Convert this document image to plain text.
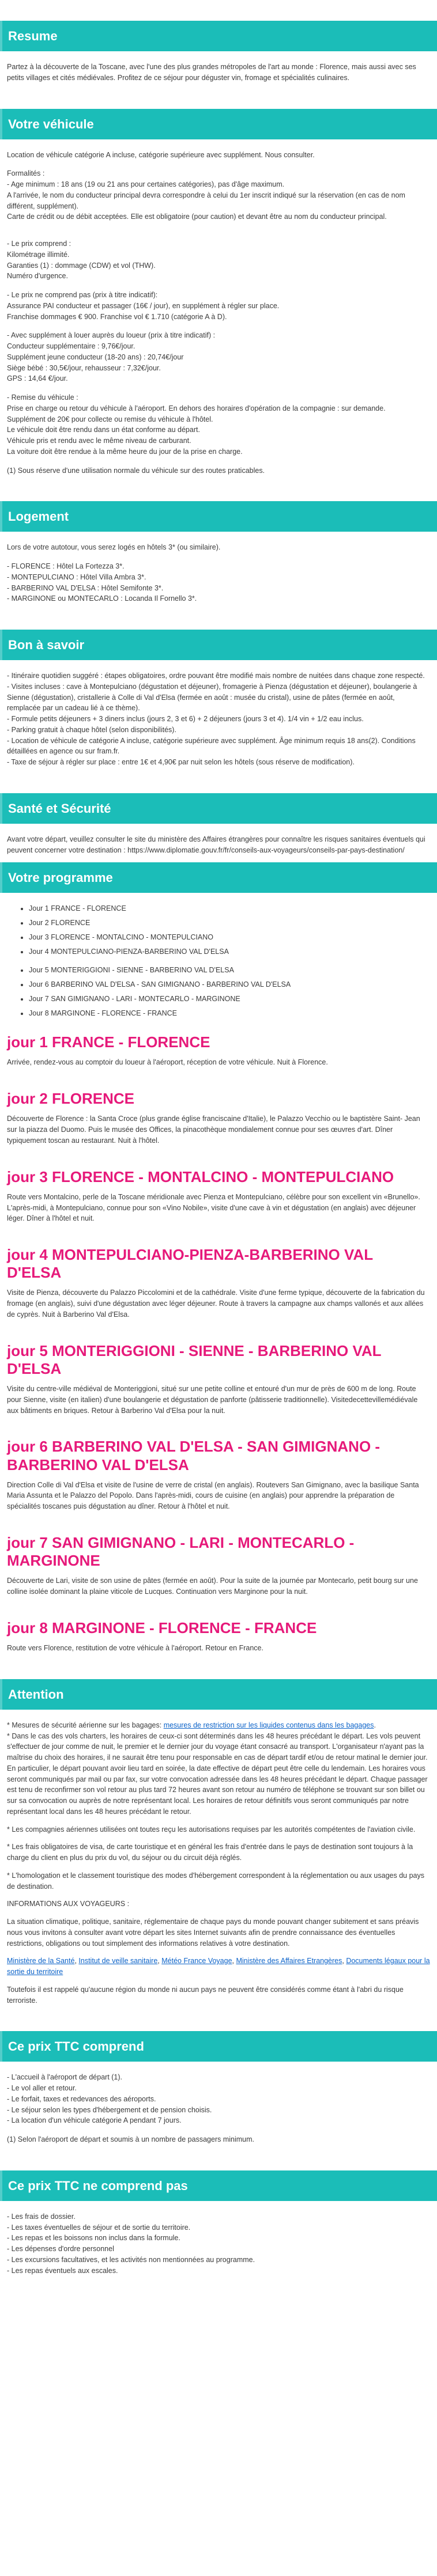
Resume

Partez à la découverte de la Toscane, avec l'une des plus grandes métropoles de l'art au monde : Florence, mais aussi avec ses petits villages et cités médiévales. Profitez de ce séjour pour déguster vin, fromage et spécialités culinaires.

Votre véhicule

Location de véhicule catégorie A incluse, catégorie supérieure avec supplément. Nous consulter.

Formalités :

- Age minimum : 18 ans (19 ou 21 ans pour certaines catégories), pas d'âge maximum.

A l'arrivée, le nom du conducteur principal devra correspondre à celui du 1er inscrit indiqué sur la réservation (en cas de nom différent, supplément).

Carte de crédit ou de débit acceptées. Elle est obligatoire (pour caution) et devant être au nom du conducteur principal.

- Le prix comprend :

Kilométrage illimité.

Garanties (1) : dommage (CDW) et vol (THW).

Numéro d'urgence.

- Le prix ne comprend pas (prix à titre indicatif):

Assurance PAI conducteur et passager (16€ / jour), en supplément à régler sur place.

Franchise dommages € 900. Franchise vol € 1.710 (catégorie A à D).

- Avec supplément à louer auprès du loueur (prix à titre indicatif) :

Conducteur supplémentaire : 9,76€/jour.

Supplément jeune conducteur (18-20 ans) : 20,74€/jour

Siège bébé : 30,5€/jour, rehausseur : 7,32€/jour.

GPS : 14,64 €/jour.

- Remise du véhicule :

Prise en charge ou retour du véhicule à l'aéroport. En dehors des horaires d'opération de la compagnie : sur demande.

Supplément de 20€ pour collecte ou remise du véhicule à l'hôtel.

Le véhicule doit être rendu dans un état conforme au départ.

Véhicule pris et rendu avec le même niveau de carburant.

La voiture doit être rendue à la même heure du jour de la prise en charge.

(1) Sous réserve d'une utilisation normale du véhicule sur des routes praticables.

Logement

Lors de votre autotour, vous serez logés en hôtels 3* (ou similaire).

- FLORENCE : Hôtel La Fortezza 3*.

- MONTEPULCIANO : Hôtel Villa Ambra 3*.

- BARBERINO VAL D'ELSA : Hôtel Semifonte 3*.

- MARGINONE ou MONTECARLO : Locanda Il Fornello 3*.

Bon à savoir

- Itinéraire quotidien suggéré : étapes obligatoires, ordre pouvant être modifié mais nombre de nuitées dans chaque zone respecté.

- Visites incluses : cave à Montepulciano (dégustation et déjeuner), fromagerie à Pienza (dégustation et déjeuner), boulangerie à Sienne (dégustation), cristallerie à Colle di Val d'Elsa (fermée en août : musée du cristal), usine de pâtes (fermée en août, remplacée par un cadeau lié à ce thème).

- Formule petits déjeuners + 3 diners inclus (jours 2, 3 et 6) + 2 déjeuners (jours 3 et 4). 1/4 vin + 1/2 eau inclus.

- Parking gratuit à chaque hôtel (selon disponibilités).

- Location de véhicule de catégorie A incluse, catégorie supérieure avec supplément. Âge minimum requis 18 ans(2). Conditions détaillées en agence ou sur fram.fr.

- Taxe de séjour à régler sur place : entre 1€ et 4,90€ par nuit selon les hôtels (sous réserve de modification).

Santé et Sécurité

Avant votre départ, veuillez consulter le site du ministère des Affaires étrangères pour connaître les risques sanitaires éventuels qui peuvent concerner votre destination : https://www.diplomatie.gouv.fr/fr/conseils-aux-voyageurs/conseils-par-pays-destination/

Votre programme
• Jour 1 FRANCE - FLORENCE
• Jour 2 FLORENCE
• Jour 3 FLORENCE - MONTALCINO - MONTEPULCIANO
• Jour 4 MONTEPULCIANO-PIENZA-BARBERINO VAL D'ELSA
• Jour 5 MONTERIGGIONI - SIENNE - BARBERINO VAL D'ELSA
• Jour 6 BARBERINO VAL D'ELSA - SAN GIMIGNANO - BARBERINO VAL D'ELSA
• Jour 7 SAN GIMIGNANO - LARI - MONTECARLO - MARGINONE
• Jour 8 MARGINONE - FLORENCE - FRANCE
jour 1 FRANCE - FLORENCE

Arrivée, rendez-vous au comptoir du loueur à l'aéroport, réception de votre véhicule. Nuit à Florence.

jour 2 FLORENCE

Découverte de Florence : la Santa Croce (plus grande église franciscaine d'Italie), le Palazzo Vecchio ou le baptistère Saint- Jean sur la piazza del Duomo. Puis le musée des Offices, la pinacothèque mondialement connue pour ses œuvres d'art. Dîner typiquement toscan au restaurant. Nuit à l'hôtel.

jour 3 FLORENCE - MONTALCINO - MONTEPULCIANO

Route vers Montalcino, perle de la Toscane méridionale avec Pienza et Montepulciano, célèbre pour son excellent vin «Brunello». L'après-midi, à Montepulciano, connue pour son «Vino Nobile», visite d'une cave à vin et dégustation (en anglais) avec déjeuner léger. Dîner à l'hôtel et nuit.

jour 4 MONTEPULCIANO-PIENZA-BARBERINO VAL D'ELSA

Visite de Pienza, découverte du Palazzo Piccolomini et de la cathédrale. Visite d'une ferme typique, découverte de la fabrication du fromage (en anglais), suivi d'une dégustation avec léger déjeuner. Route à travers la campagne aux champs vallonés et aux allées de cyprès. Nuit à Barberino Val d'Elsa.

jour 5 MONTERIGGIONI - SIENNE - BARBERINO VAL D'ELSA

Visite du centre-ville médiéval de Monteriggioni, situé sur une petite colline et entouré d'un mur de près de 600 m de long. Route pour Sienne, visite (en italien) d'une boulangerie et dégustation de panforte (pâtisserie traditionnelle). Visitedecettevillemédiévale aux bâtiments en briques. Retour à Barberino Val d'Elsa pour la nuit.

jour 6 BARBERINO VAL D'ELSA - SAN GIMIGNANO - BARBERINO VAL D'ELSA

Direction Colle di Val d'Elsa et visite de l'usine de verre de cristal (en anglais). Routevers San Gimignano, avec la basilique Santa Maria Assunta et le Palazzo del Popolo. Dans l'après-midi, cours de cuisine (en anglais) pour apprendre la préparation de spécialités toscanes puis dégustation au dîner. Retour à l'hôtel et nuit.

jour 7 SAN GIMIGNANO - LARI - MONTECARLO - MARGINONE

Découverte de Lari, visite de son usine de pâtes (fermée en août). Pour la suite de la journée par Montecarlo, petit bourg sur une colline isolée dominant la plaine viticole de Lucques. Continuation vers Marginone pour la nuit.

jour 8 MARGINONE - FLORENCE - FRANCE

Route vers Florence, restitution de votre véhicule à l'aéroport. Retour en France.

Attention

* Mesures de sécurité aérienne sur les bagages: mesures de restriction sur les liquides contenus dans les bagages.

* Dans le cas des vols charters, les horaires de ceux-ci sont déterminés dans les 48 heures précédant le départ. Les vols peuvent s'effectuer de jour comme de nuit, le premier et le dernier jour du voyage étant consacré au transport. L'organisateur n'ayant pas la maîtrise du choix des horaires, il ne saurait être tenu pour responsable en cas de départ tardif et/ou de retour matinal le dernier jour. En particulier, le départ pouvant avoir lieu tard en soirée, la date effective de départ peut être celle du lendemain. Les horaires vous seront communiqués par mail ou par fax, sur votre convocation adressée dans les 48 heures précédant le départ. Chaque passager est tenu de reconfirmer son vol retour au plus tard 72 heures avant son retour au numéro de téléphone se trouvant sur son billet ou sur sa convocation ou auprès de notre représentant local. Les horaires de retour définitifs vous seront communiqués par notre représentant local dans les 48 heures précédant le retour.

* Les compagnies aériennes utilisées ont toutes reçu les autorisations requises par les autorités compétentes de l'aviation civile.

* Les frais obligatoires de visa, de carte touristique et en général les frais d'entrée dans le pays de destination sont toujours à la charge du client en plus du prix du vol, du séjour ou du circuit déjà réglés.

* L'homologation et le classement touristique des modes d'hébergement correspondent à la réglementation ou aux usages du pays de destination.

INFORMATIONS AUX VOYAGEURS :

La situation climatique, politique, sanitaire, réglementaire de chaque pays du monde pouvant changer subitement et sans préavis nous vous invitons à consulter avant votre départ les sites Internet suivants afin de prendre connaissance des éventuelles restrictions, obligations ou tout simplement des informations relatives à votre destination.

Ministère de la Santé, Institut de veille sanitaire, Météo France Voyage, Ministère des Affaires Etrangères, Documents légaux pour la sortie du territoire

Toutefois il est rappelé qu'aucune région du monde ni aucun pays ne peuvent être considérés comme étant à l'abri du risque terroriste.

Ce prix TTC comprend

- L'accueil à l'aéroport de départ (1).

- Le vol aller et retour.

- Le forfait, taxes et redevances des aéroports.

- Le séjour selon les types d'hébergement et de pension choisis.

- La location d'un véhicule catégorie A pendant 7 jours.

(1) Selon l'aéroport de départ et soumis à un nombre de passagers minimum.

Ce prix TTC ne comprend pas

- Les frais de dossier.

- Les taxes éventuelles de séjour et de sortie du territoire.

- Les repas et les boissons non inclus dans la formule.

- Les dépenses d'ordre personnel

- Les excursions facultatives, et les activités non mentionnées au programme.

- Les repas éventuels aux escales.
